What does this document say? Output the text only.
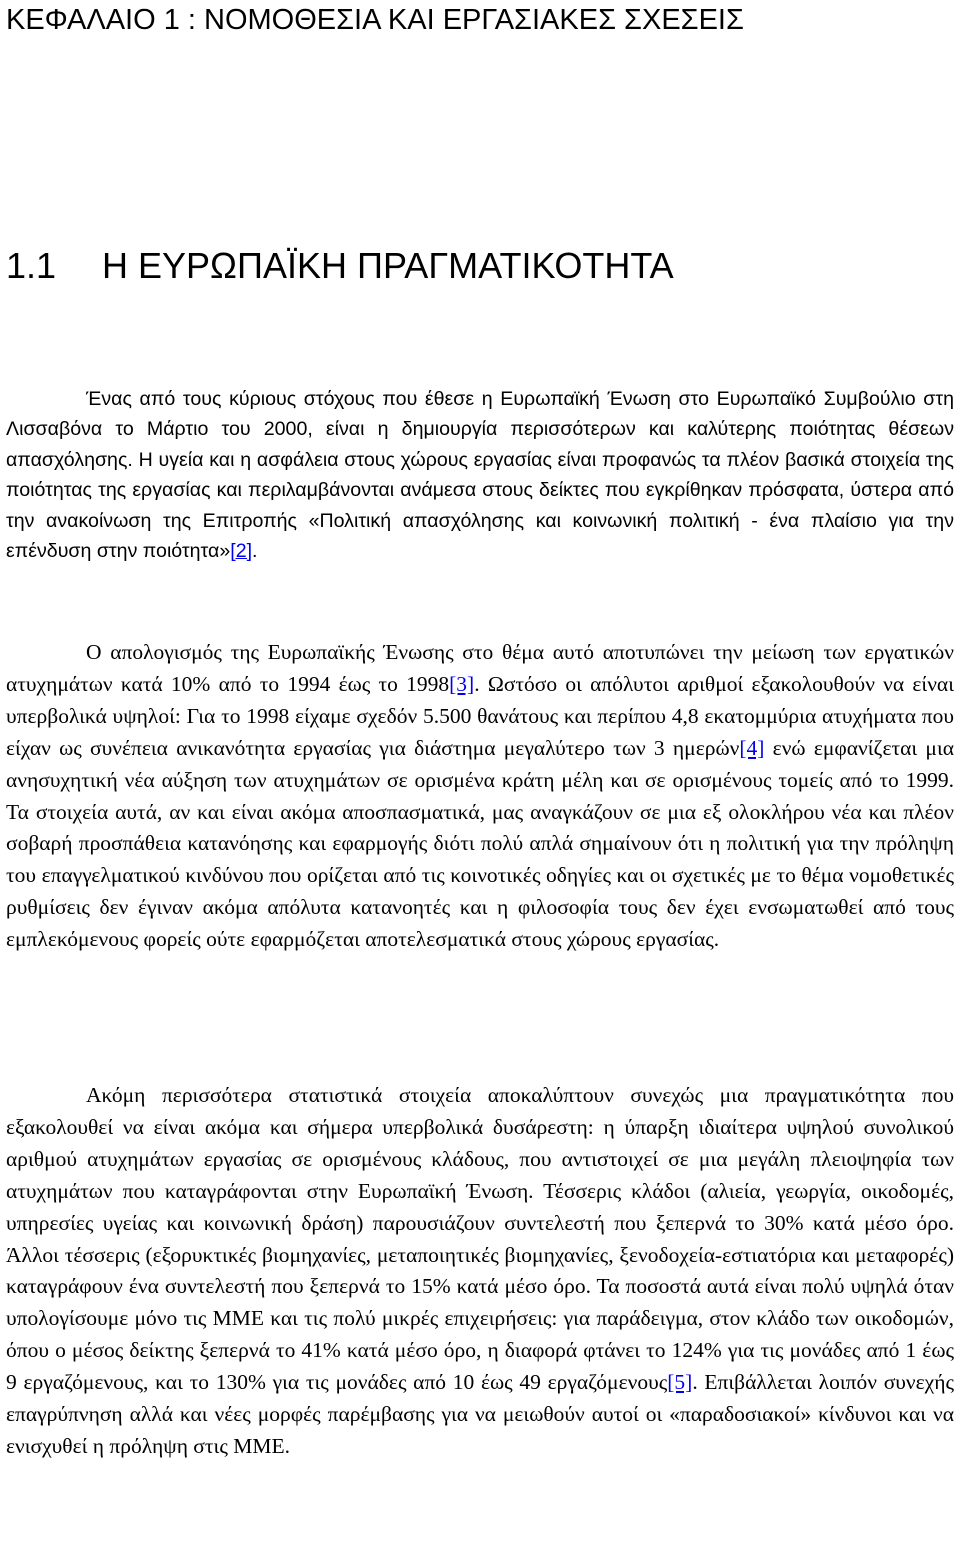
ΚΕΦΑΛΑΙΟ 1 : ΝΟΜΟΘΕΣΙΑ ΚΑΙ ΕΡΓΑΣΙΑΚΕΣ ΣΧΕΣΕΙΣ
1.1 Η ΕΥΡΩΠΑΪΚΗ ΠΡΑΓΜΑΤΙΚΟΤΗΤΑ

Ένας από τους κύριους στόχους που έθεσε η Ευρωπαϊκή Ένωση στο Ευρωπαϊκό Συμβούλιο στη Λισσαβόνα το Μάρτιο του 2000, είναι η δημιουργία περισσότερων και καλύτερης ποιότητας θέσεων απασχόλησης. Η υγεία και η ασφάλεια στους χώρους εργασίας είναι προφανώς τα πλέον βασικά στοιχεία της ποιότητας της εργασίας και περιλαμβάνονται ανάμεσα στους δείκτες που εγκρίθηκαν πρόσφατα, ύστερα από την ανακοίνωση της Επιτροπής «Πολιτική απασχόλησης και κοινωνική πολιτική - ένα πλαίσιο για την επένδυση στην ποιότητα»[2].

Ο απολογισμός της Ευρωπαϊκής Ένωσης στο θέμα αυτό αποτυπώνει την μείωση των εργατικών ατυχημάτων κατά 10% από το 1994 έως το 1998[3]. Ωστόσο οι απόλυτοι αριθμοί εξακολουθούν να είναι υπερβολικά υψηλοί: Για το 1998 είχαμε σχεδόν 5.500 θανάτους και περίπου 4,8 εκατομμύρια ατυχήματα που είχαν ως συνέπεια ανικανότητα εργασίας για διάστημα μεγαλύτερο των 3 ημερών[4] ενώ εμφανίζεται μια ανησυχητική νέα αύξηση των ατυχημάτων σε ορισμένα κράτη μέλη και σε ορισμένους τομείς από το 1999. Τα στοιχεία αυτά, αν και είναι ακόμα αποσπασματικά, μας αναγκάζουν σε μια εξ ολοκλήρου νέα και πλέον σοβαρή προσπάθεια κατανόησης και εφαρμογής διότι πολύ απλά σημαίνουν ότι η πολιτική για την πρόληψη του επαγγελματικού κινδύνου που ορίζεται από τις κοινοτικές οδηγίες και οι σχετικές με το θέμα νομοθετικές ρυθμίσεις δεν έγιναν ακόμα απόλυτα κατανοητές και η φιλοσοφία τους δεν έχει ενσωματωθεί από τους εμπλεκόμενους φορείς ούτε εφαρμόζεται αποτελεσματικά στους χώρους εργασίας.

Ακόμη περισσότερα στατιστικά στοιχεία αποκαλύπτουν συνεχώς μια πραγματικότητα που εξακολουθεί να είναι ακόμα και σήμερα υπερβολικά δυσάρεστη: η ύπαρξη ιδιαίτερα υψηλού συνολικού αριθμού ατυχημάτων εργασίας σε ορισμένους κλάδους, που αντιστοιχεί σε μια μεγάλη πλειοψηφία των ατυχημάτων που καταγράφονται στην Ευρωπαϊκή Ένωση. Τέσσερις κλάδοι (αλιεία, γεωργία, οικοδομές, υπηρεσίες υγείας και κοινωνική δράση) παρουσιάζουν συντελεστή που ξεπερνά το 30% κατά μέσο όρο. Άλλοι τέσσερις (εξορυκτικές βιομηχανίες, μεταποιητικές βιομηχανίες, ξενοδοχεία-εστιατόρια και μεταφορές) καταγράφουν ένα συντελεστή που ξεπερνά το 15% κατά μέσο όρο. Τα ποσοστά αυτά είναι πολύ υψηλά όταν υπολογίσουμε μόνο τις ΜΜΕ και τις πολύ μικρές επιχειρήσεις: για παράδειγμα, στον κλάδο των οικοδομών, όπου ο μέσος δείκτης ξεπερνά το 41% κατά μέσο όρο, η διαφορά φτάνει το 124% για τις μονάδες από 1 έως 9 εργαζόμενους, και το 130% για τις μονάδες από 10 έως 49 εργαζόμενους[5]. Επιβάλλεται λοιπόν συνεχής επαγρύπνηση αλλά και νέες μορφές παρέμβασης για να μειωθούν αυτοί οι «παραδοσιακοί» κίνδυνοι και να ενισχυθεί η πρόληψη στις ΜΜΕ.
